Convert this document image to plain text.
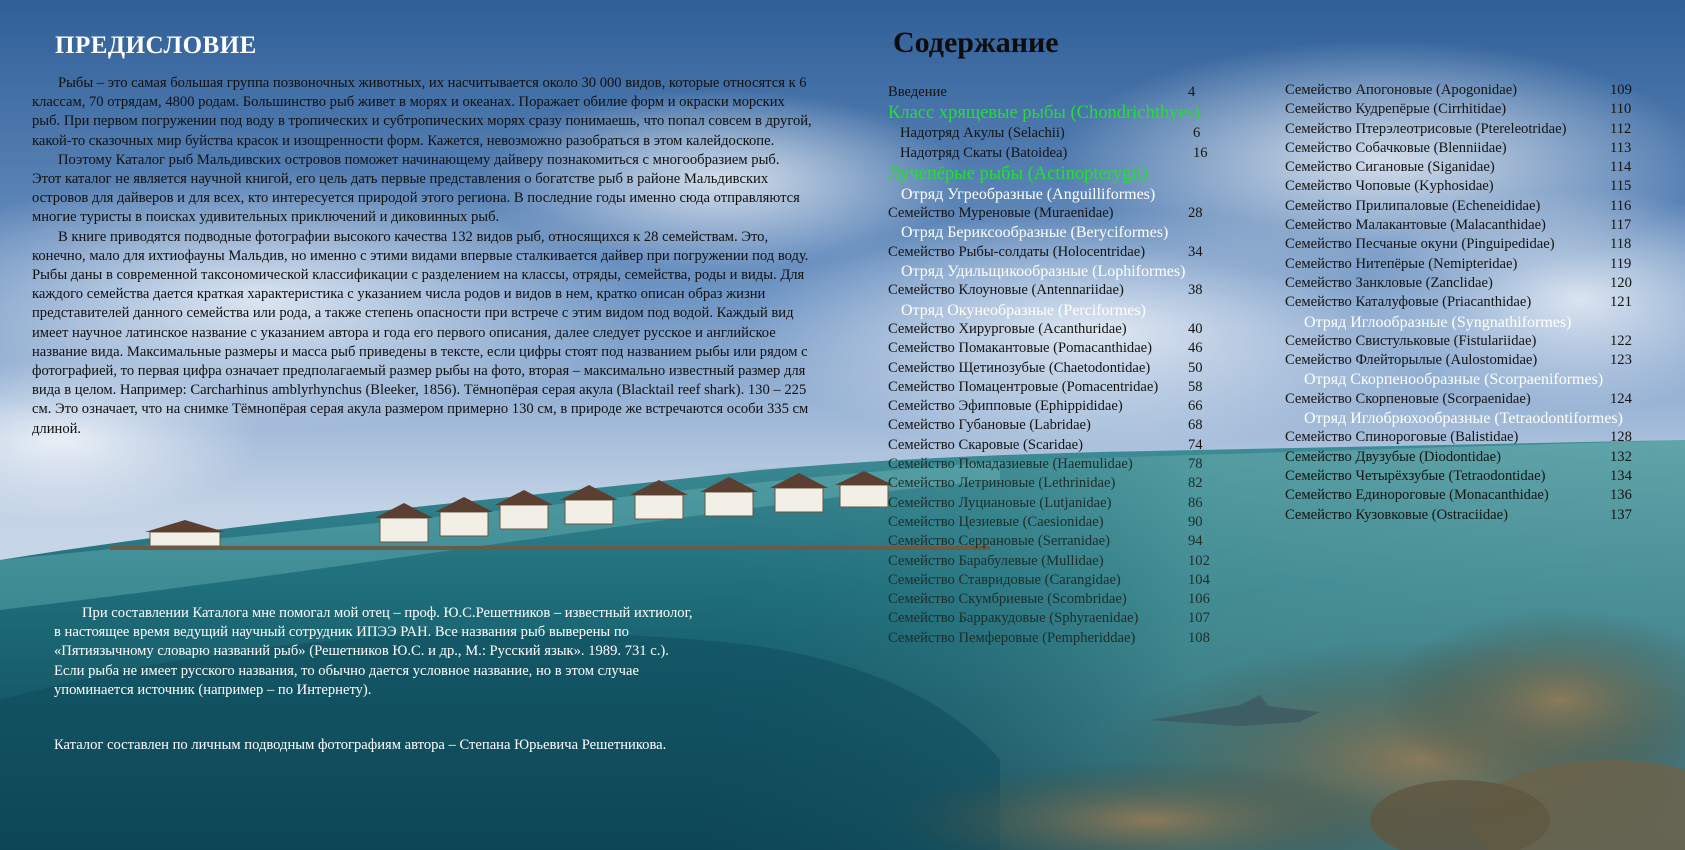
ПРЕДИСЛОВИЕ

Рыбы – это самая большая группа позвоночных животных, их насчитывается около 30 000 видов, которые относятся к 6 классам, 70 отрядам, 4800 родам. Большинство рыб живет в морях и океанах. Поражает обилие форм и окраски морских рыб. При первом погружении под воду в тропических и субтропических морях сразу понимаешь, что попал совсем в другой, какой-то сказочных мир буйства красок и изощренности форм. Кажется, невозможно разобраться в этом калейдоскопе.

Поэтому Каталог рыб Мальдивских островов поможет начинающему дайверу познакомиться с многообразием рыб. Этот каталог не является научной книгой, его цель дать первые представления о богатстве рыб в районе Мальдивских островов для дайверов и для всех, кто интересуется природой этого региона. В последние годы именно сюда отправляются многие туристы в поисках удивительных приключений и диковинных рыб.

В книге приводятся подводные фотографии высокого качества 132 видов рыб, относящихся к 28 семействам. Это, конечно, мало для ихтиофауны Мальдив, но именно с этими видами впервые сталкивается дайвер при погружении под воду. Рыбы даны в современной таксономической классификации с разделением на классы, отряды, семейства, роды и виды. Для каждого семейства дается краткая характеристика с указанием числа родов и видов в нем, кратко описан образ жизни представителей данного семейства или рода, а также степень опасности при встрече с этим видом под водой. Каждый вид имеет научное латинское название с указанием автора и года его первого описания, далее следует русское и английское название вида. Максимальные размеры и масса рыб приведены в тексте, если цифры стоят под названием рыбы или рядом с фотографией, то первая цифра означает предполагаемый размер рыбы на фото, вторая – максимально известный размер для вида в целом. Например: Carcharhinus amblyrhynchus (Bleeker, 1856). Тёмнопёрая серая акула (Blacktail reef shark). 130 – 225 см. Это означает, что на снимке Тёмнопёрая серая акула размером примерно 130 см, в природе же встречаются особи 335 см длиной.

При составлении Каталога мне помогал мой отец – проф. Ю.С.Решетников – известный ихтиолог,

в настоящее время ведущий научный сотрудник ИПЭЭ РАН. Все названия рыб выверены по

«Пятиязычному словарю названий рыб» (Решетников Ю.С. и др., М.: Русский язык». 1989. 731 с.).

Если рыба не имеет русского названия, то обычно дается условное название, но в этом случае

упоминается источник (например – по Интернету).

Каталог составлен по личным подводным фотографиям автора – Степана Юрьевича Решетникова.

Содержание
Введение	4
Класс хрящевые рыбы (Chondrichthyes)
Надотряд Акулы (Selachii)	6
Надотряд Скаты (Batoidea)	16
Лучепёрые рыбы (Actinopterygii)
Отряд Угреобразные (Anguilliformes)
Семейство Муреновые (Muraenidae)	28
Отряд Бериксообразные (Beryciformes)
Семейство Рыбы-солдаты (Holocentridae)	34
Отряд Удильщикообразные (Lophiformes)
Семейство Клоуновые (Antennariidae)	38
Отряд Окунеобразные (Perciformes)
Семейство Хирурговые (Acanthuridae)	40
Семейство Помакантовые (Pomacanthidae) 46
Семейство Щетинозубые (Chaetodontidae)	50
Семейство Помацентровые (Pomacentridae) 58
Семейство Эфипповые (Ephippididae)	66
Семейство Губановые (Labridae)	68
Семейство Скаровые (Scaridae)	74
Семейство Помадазиевые (Haemulidae)	78
Семейство Летриновые (Lethrinidae)	82
Семейство Луциановые (Lutjanidae)	86
Семейство Цезиевые (Caesionidae)	90
Семейство Серрановые (Serranidae)	94
Семейство Барабулевые (Mullidae)	102
Семейство Ставридовые (Carangidae)	104
Семейство Скумбриевые (Scombridae)	106
Семейство Барракудовые (Sphyraenidae)	107
Семейство Пемферовые (Pempheriddae)	108
Семейство Апогоновые (Apogonidae)	109
Семейство Кудрепёрые (Cirrhitidae)	110
Семейство Птерэлеотрисовые (Ptereleotridae)	112
Семейство Собачковые (Blenniidae)	113
Семейство Сигановые (Siganidae)	114
Семейство Чоповые (Kyphosidae)	115
Семейство Прилипаловые (Echeneididae)	116
Семейство Малакантовые (Malacanthidae)	117
Семейство Песчаные окуни (Pinguipedidae)	118
Семейство Нитепёрые (Nemipteridae)	119
Семейство Занкловые (Zanclidae)	120
Семейство Каталуфовые (Priacanthidae)	121
Отряд Иглообразные (Syngnathiformes)
Семейство Свистульковые (Fistulariidae)	122
Семейство Флейторылые (Aulostomidae)	123
Отряд Скорпенообразные (Scorpaeniformes)
Семейство Скорпеновые (Scorpaenidae)	124
Отряд Иглобрюхообразные (Tetraodontiformes)
Семейство Спинороговые (Balistidae)	128
Семейство Двузубые (Diodontidae)	132
Семейство Четырёхзубые (Tetraodontidae)	134
Семейство Единороговые (Monacanthidae)	136
Семейство Кузовковые (Ostraciidae)	137
